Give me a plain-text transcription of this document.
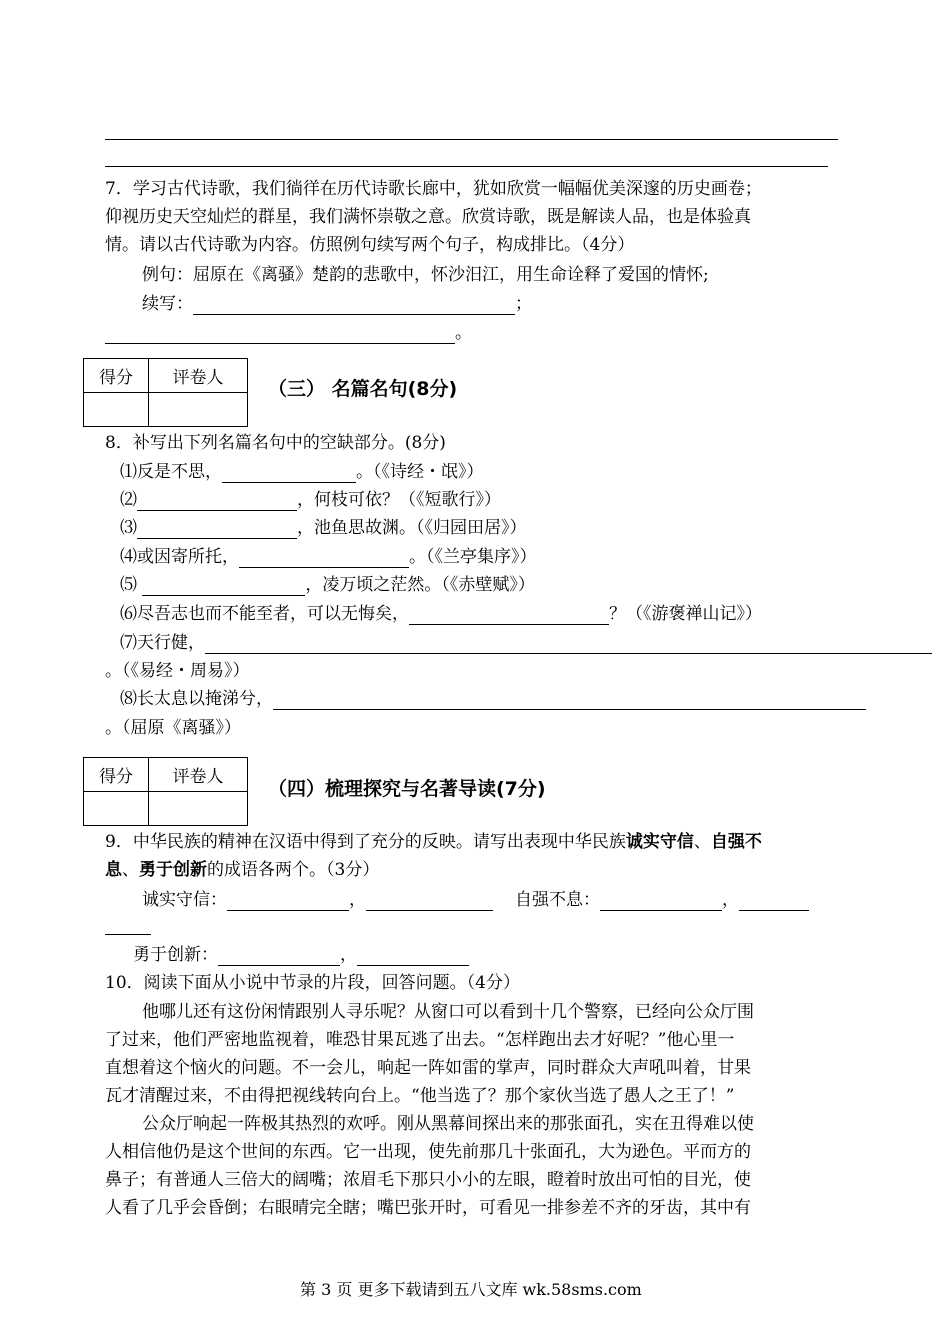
7．学习古代诗歌，我们徜徉在历代诗歌长廊中，犹如欣赏一幅幅优美深邃的历史画卷；
仰视历史天空灿烂的群星，我们满怀崇敬之意。欣赏诗歌，既是解读人品，也是体验真
情。请以古代诗歌为内容。仿照例句续写两个句子，构成排比。（4分）
例句：屈原在《离骚》楚韵的悲歌中，怀沙汨江，用生命诠释了爱国的情怀;
续写：	；
。
得分	评卷人
	（三） 名篇名句(8分)
8．补写出下列名篇名句中的空缺部分。(8分)
⑴反是不思，	。（《诗经・氓》）
⑵	，何枝可依？（《短歌行》）
⑶	，池鱼思故渊。（《归园田居》）
⑷或因寄所托，	。（《兰亭集序》）
⑸	，凌万顷之茫然。（《赤壁赋》）
⑹尽吾志也而不能至者，可以无悔矣，	？（《游褒禅山记》）
⑺天行健，
。（《易经・周易》）
⑻长太息以掩涕兮，
。（屈原《离骚》）
得分	评卷人

（四）梳理探究与名著导读(7分)
9．中华民族的精神在汉语中得到了充分的反映。请写出表现中华民族诚实守信、自强不
息、勇于创新的成语各两个。（3分）
诚实守信：	，	自强不息：	，
勇于创新：	，
10．阅读下面从小说中节录的片段，回答问题。（4分）
他哪儿还有这份闲情跟别人寻乐呢？从窗口可以看到十几个警察，已经向公众厅围
了过来，他们严密地监视着，唯恐甘果瓦逃了出去。“怎样跑出去才好呢？”他心里一
直想着这个恼火的问题。不一会儿，响起一阵如雷的掌声，同时群众大声吼叫着，甘果
瓦才清醒过来，不由得把视线转向台上。“他当选了？那个家伙当选了愚人之王了！”
公众厅响起一阵极其热烈的欢呼。刚从黑幕间探出来的那张面孔，实在丑得难以使
人相信他仍是这个世间的东西。它一出现，使先前那几十张面孔，大为逊色。平而方的
鼻子；有普通人三倍大的阔嘴；浓眉毛下那只小小的左眼，瞪着时放出可怕的目光，使
人看了几乎会昏倒；右眼晴完全瞎；嘴巴张开时，可看见一排参差不齐的牙齿，其中有
第 3 页 更多下载请到五八文库 wk.58sms.com
